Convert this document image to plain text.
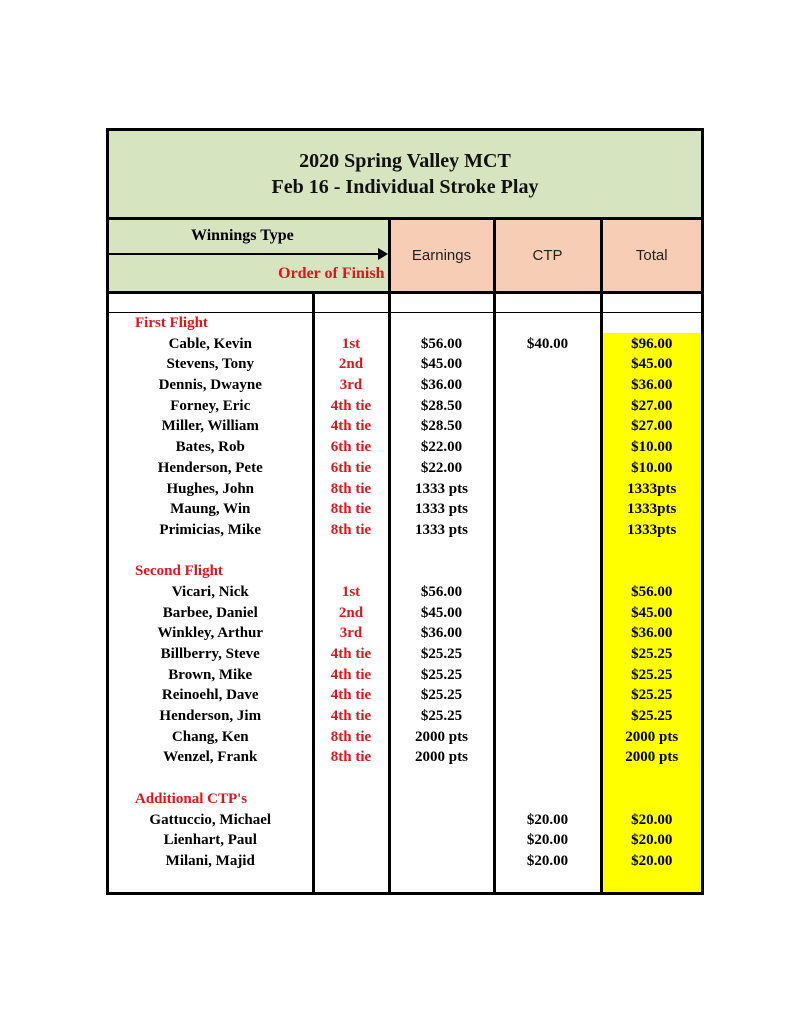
2020 Spring Valley MCT
Feb 16 - Individual Stroke Play
Winnings Type
Order of Finish		Earnings	CTP	Total

First Flight				
Cable, Kevin	1st	$56.00	$40.00	$96.00
Stevens, Tony	2nd	$45.00		$45.00
Dennis, Dwayne	3rd	$36.00		$36.00
Forney, Eric	4th tie	$28.50		$27.00
Miller, William	4th tie	$28.50		$27.00
Bates, Rob	6th tie	$22.00		$10.00
Henderson, Pete	6th tie	$22.00		$10.00
Hughes, John	8th tie	1333 pts		1333pts
Maung, Win	8th tie	1333 pts		1333pts
Primicias, Mike	8th tie	1333 pts		1333pts

Second Flight				
Vicari, Nick	1st	$56.00		$56.00
Barbee, Daniel	2nd	$45.00		$45.00
Winkley, Arthur	3rd	$36.00		$36.00
Billberry, Steve	4th tie	$25.25		$25.25
Brown, Mike	4th tie	$25.25		$25.25
Reinoehl, Dave	4th tie	$25.25		$25.25
Henderson, Jim	4th tie	$25.25		$25.25
Chang, Ken	8th tie	2000 pts		2000 pts
Wenzel, Frank	8th tie	2000 pts		2000 pts

Additional CTP's				
Gattuccio, Michael			$20.00	$20.00
Lienhart, Paul			$20.00	$20.00
Milani, Majid			$20.00	$20.00
